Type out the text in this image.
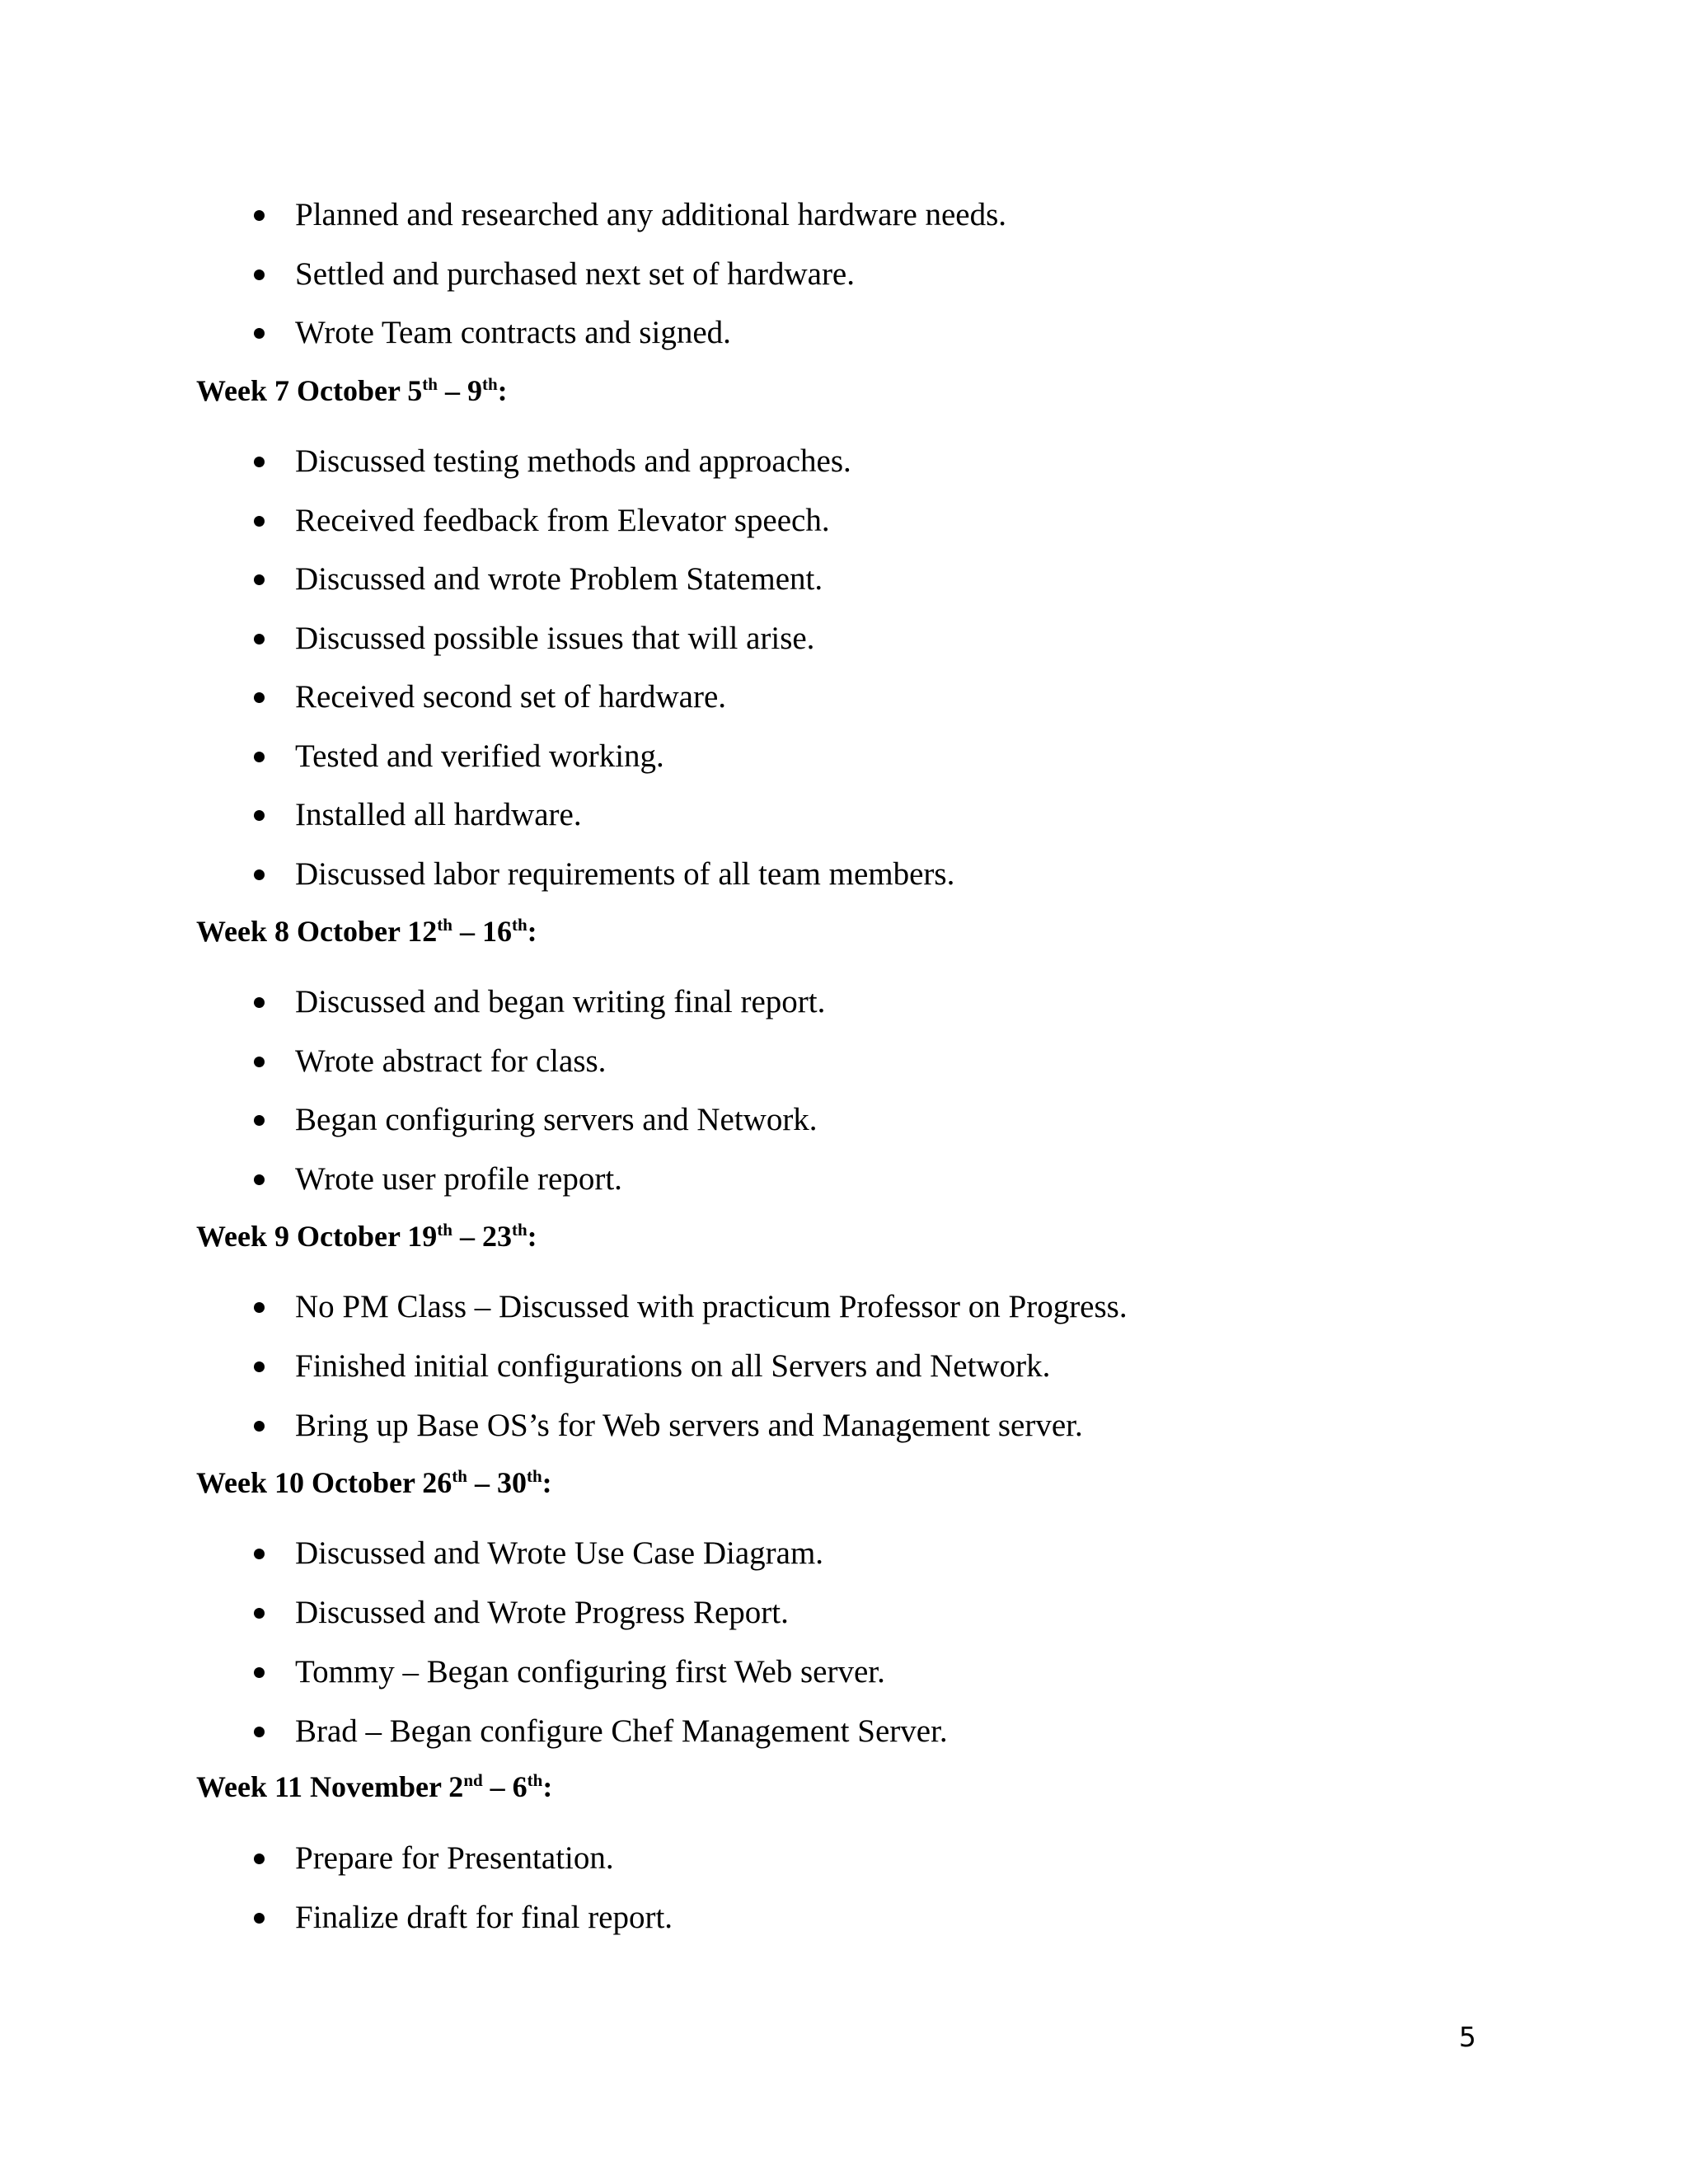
Planned and researched any additional hardware needs.
Settled and purchased next set of hardware.
Wrote Team contracts and signed.
Week 7 October 5th – 9th:
Discussed testing methods and approaches.
Received feedback from Elevator speech.
Discussed and wrote Problem Statement.
Discussed possible issues that will arise.
Received second set of hardware.
Tested and verified working.
Installed all hardware.
Discussed labor requirements of all team members.
Week 8 October 12th – 16th:
Discussed and began writing final report.
Wrote abstract for class.
Began configuring servers and Network.
Wrote user profile report.
Week 9 October 19th – 23th:
No PM Class – Discussed with practicum Professor on Progress.
Finished initial configurations on all Servers and Network.
Bring up Base OS’s for Web servers and Management server.
Week 10 October 26th – 30th:
Discussed and Wrote Use Case Diagram.
Discussed and Wrote Progress Report.
Tommy – Began configuring first Web server.
Brad – Began configure Chef Management Server.
Week 11 November 2nd – 6th:
Prepare for Presentation.
Finalize draft for final report.
5
